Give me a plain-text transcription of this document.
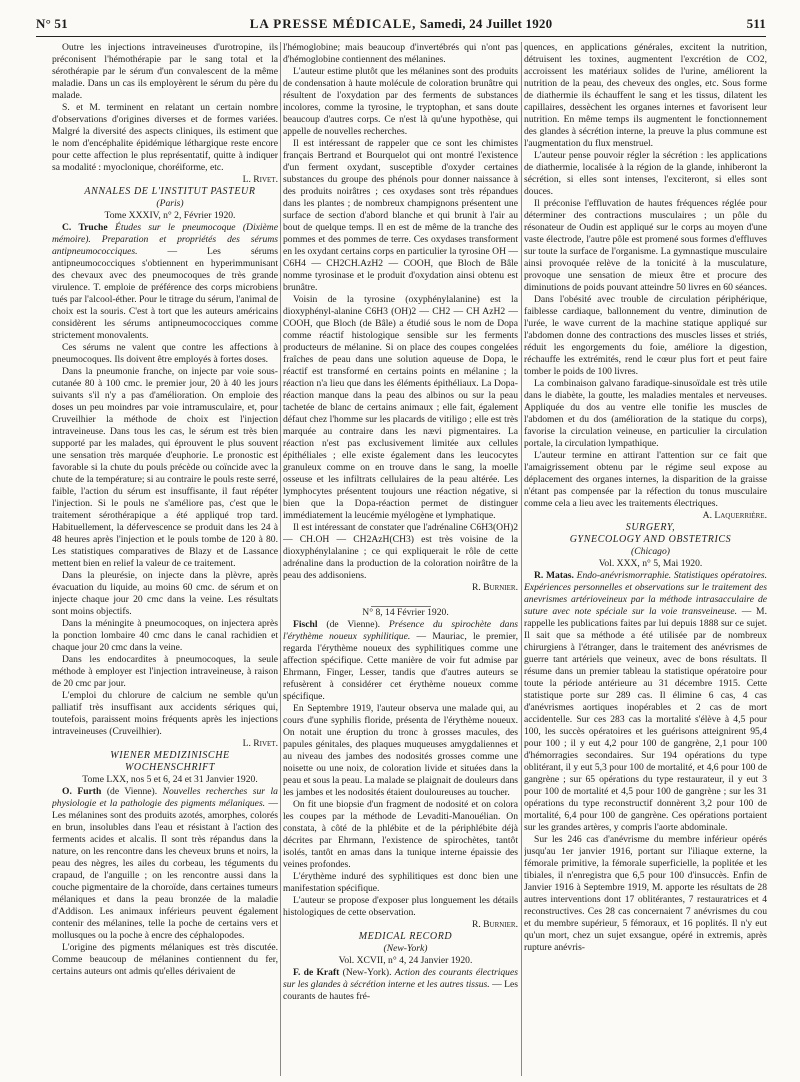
N° 51	LA PRESSE MÉDICALE, Samedi, 24 Juillet 1920	511

Outre les injections intraveineuses d'urotropine, ils préconisent l'hémothérapie par le sang total et la sérothérapie par le sérum d'un convalescent de la même maladie. Dans un cas ils employèrent le sérum du père du malade.

S. et M. terminent en relatant un certain nombre d'observations d'origines diverses et de formes variées. Malgré la diversité des aspects cliniques, ils estiment que le nom d'encéphalite épidémique léthargique reste encore pour cette affection le plus représentatif, quitte à indiquer sa modalité : myoclonique, choréiforme, etc.

L. Rivet.

ANNALES DE L'INSTITUT PASTEUR

(Paris)

Tome XXXIV, n° 2, Février 1920.

C. Truche Études sur le pneumocoque (Dixième mémoire). Preparation et propriétés des sérums antipneumococciques.	— Les sérums antipneumococciques s'obtiennent en hyperimmunisant des chevaux avec des pneumocoques de très grande virulence. T. emploie de préférence des corps microbiens tués par l'alcool-éther. Pour le titrage du sérum, l'animal de choix est la souris. C'est à tort que les auteurs américains considèrent les sérums antipneumococciques comme strictement monovalents.

Ces sérums ne valent que contre les affections à pneumocoques. Ils doivent être employés à fortes doses.

Dans la pneumonie franche, on injecte par voie sous-cutanée 80 à 100 cmc. le premier jour, 20 à 40 les jours suivants s'il n'y a pas d'amélioration. On emploie des doses un peu moindres par voie intramusculaire, et, pour Cruveilhier la méthode de choix est l'injection intraveineuse. Dans tous les cas, le sérum est très bien supporté par les malades, qui éprouvent le plus souvent une sensation très marquée d'euphorie. Le pronostic est favorable si la chute du pouls précède ou coïncide avec la chute de la température; si au contraire le pouls reste serré, faible, l'action du sérum est insuffisante, il faut répéter l'injection. Si le pouls ne s'améliore pas, c'est que le traitement sérothérapique a été appliqué trop tard. Habituellement, la défervescence se produit dans les 24 à 48 heures après l'injection et le pouls tombe de 120 à 80. Les statistiques comparatives de Blazy et de Lassance mettent bien en relief la valeur de ce traitement.

Dans la pleurésie, on injecte dans la plèvre, après évacuation du liquide, au moins 60 cmc. de sérum et on injecte chaque jour 20 cmc dans la veine. Les résultats sont moins objectifs.

Dans la méningite à pneumocoques, on injectera après la ponction lombaire 40 cmc dans le canal rachidien et chaque jour 20 cmc dans la veine.

Dans les endocardites à pneumocoques, la seule méthode à employer est l'injection intraveineuse, à raison de 20 cmc par jour.

L'emploi du chlorure de calcium ne semble qu'un palliatif très insuffisant aux accidents sériques qui, toutefois, paraissent moins fréquents après les injections intraveineuses (Cruveilhier).

L. Rivet.

WIENER MEDIZINISCHE

WOCHENSCHRIFT

Tome LXX, nos 5 et 6, 24 et 31 Janvier 1920.

O. Furth (de Vienne). Nouvelles recherches sur la physiologie et la pathologie des pigments mélaniques. — Les mélanines sont des produits azotés, amorphes, colorés en brun, insolubles dans l'eau et résistant à l'action des ferments acides et alcalis. Il sont très répandus dans la nature, on les rencontre dans les cheveux bruns et noirs, la peau des nègres, les ailes du corbeau, les téguments du crapaud, de l'anguille ; on les rencontre aussi dans la couche pigmentaire de la choroïde, dans certaines tumeurs mélaniques et dans la peau bronzée de la maladie d'Addison. Les animaux inférieurs peuvent également contenir des mélanines, telle la poche de certains vers et mollusques ou la poche à encre des céphalopodes.

L'origine des pigments mélaniques est très discutée. Comme beaucoup de mélanines contiennent du fer, certains auteurs ont admis qu'elles dérivaient de

l'hémoglobine; mais beaucoup d'invertébrés qui n'ont pas d'hémoglobine contiennent des mélanines.

L'auteur estime plutôt que les mélanines sont des produits de condensation à haute molécule de coloration brunâtre qui résultent de l'oxydation par des ferments de substances incolores, comme la tyrosine, le tryptophan, et sans doute beaucoup d'autres corps. Ce n'est là qu'une hypothèse, qui appelle de nouvelles recherches.

Il est intéressant de rappeler que ce sont les chimistes français Bertrand et Bourquelot qui ont montré l'existence d'un ferment oxydant, susceptible d'oxyder certaines substances du groupe des phénols pour donner naissance à des produits noirâtres ; ces oxydases sont très répandues dans les plantes ; de nombreux champignons présentent une surface de section d'abord blanche et qui brunit à l'air au bout de quelque temps. Il en est de même de la tranche des pommes et des pommes de terre. Ces oxydases transforment en les oxydant certains corps en particulier la tyrosine OH — C6H4 — CH2CH.AzH2 — COOH, que Bloch de Bâle nomme tyrosinase et le produit d'oxydation ainsi obtenu est brunâtre.

Voisin de la tyrosine (oxyphénylalanine) est la dioxyphényl-alanine C6H3 (OH)2 — CH2 — CH AzH2 — COOH, que Bloch (de Bâle) a étudié sous le nom de Dopa comme réactif histologique sensible sur les ferments producteurs de mélanine. Si on place des coupes congelées fraîches de peau dans une solution aqueuse de Dopa, le réactif est transformé en certains points en mélanine ; la réaction n'a lieu que dans les éléments épithéliaux. La Dopa-réaction manque dans la peau des albinos ou sur la peau tachetée de blanc de certains animaux ; elle fait, également défaut chez l'homme sur les placards de vitiligo ; elle est très marquée au contraire dans les nævi pigmentaires. La réaction n'est pas exclusivement limitée aux cellules épithéliales ; elle existe également dans les leucocytes granuleux comme on en trouve dans le sang, la moelle osseuse et les infiltrats cellulaires de la peau altérée. Les lymphocytes présentent toujours une réaction négative, si bien que la Dopa-réaction permet de distinguer immédiatement la leucémie myélogène et lymphatique.

Il est intéressant de constater que l'adrénaline C6H3(OH)2 — CH.OH — CH2AzH(CH3) est très voisine de la dioxyphénylalanine ; ce qui expliquerait le rôle de cette adrénaline dans la production de la coloration noirâtre de la peau des addisoniens.

R. Burnier.

N° 8, 14 Février 1920.

Fischl (de Vienne). Présence du spirochète dans l'érythème noueux syphilitique. — Mauriac, le premier, regarda l'érythème noueux des syphilitiques comme une affection spécifique. Cette manière de voir fut admise par Ehrmann, Finger, Lesser, tandis que d'autres auteurs se refusèrent à considérer cet érythème noueux comme spécifique.

En Septembre 1919, l'auteur observa une malade qui, au cours d'une syphilis floride, présenta de l'érythème noueux. On notait une éruption du tronc à grosses macules, des papules génitales, des plaques muqueuses amygdaliennes et au niveau des jambes des nodosités grosses comme une noisette ou une noix, de coloration livide et situées dans la peau et sous la peau. La malade se plaignait de douleurs dans les jambes et les nodosités étaient douloureuses au toucher.

On fit une biopsie d'un fragment de nodosité et on colora les coupes par la méthode de Levaditi-Manouélian. On constata, à côté de la phlébite et de la périphlébite déjà décrites par Ehrmann, l'existence de spirochètes, tantôt isolés, tantôt en amas dans la tunique interne épaissie des veines profondes.

L'érythème induré des syphilitiques est donc bien une manifestation spécifique.

L'auteur se propose d'exposer plus longuement les détails histologiques de cette observation.

R. Burnier.

MEDICAL RECORD

(New-York)

Vol. XCVII, n° 4, 24 Janvier 1920.

F. de Kraft (New-York). Action des courants électriques sur les glandes à sécrétion interne et les autres tissus. — Les courants de hautes fré-

quences, en applications générales, excitent la nutrition, détruisent les toxines, augmentent l'excrétion de CO2, accroissent les matériaux solides de l'urine, améliorent la nutrition de la peau, des cheveux des ongles, etc. Sous forme de diathermie ils échauffent le sang et les tissus, dilatent les capillaires, dessèchent les organes internes et favorisent leur nutrition. En même temps ils augmentent le fonctionnement des glandes à sécrétion interne, la preuve la plus commune est l'augmentation du flux menstruel.

L'auteur pense pouvoir régler la sécrétion : les applications de diathermie, localisée à la région de la glande, inhiberont la sécrétion, si elles sont intenses, l'exciteront, si elles sont douces.

Il préconise l'effluvation de hautes fréquences réglée pour déterminer des contractions musculaires ; un pôle du résonateur de Oudin est appliqué sur le corps au moyen d'une vaste électrode, l'autre pôle est promené sous formes d'effluves sur toute la surface de l'organisme. La gymnastique musculaire ainsi provoquée relève de la tonicité à la musculature, provoque une sensation de mieux être et procure des diminutions de poids pouvant atteindre 50 livres en 60 séances.

Dans l'obésité avec trouble de circulation périphérique, faiblesse cardiaque, ballonnement du ventre, diminution de l'urée, le wave current de la machine statique appliqué sur l'abdomen donne des contractions des muscles lisses et striés, réduit les engorgements du foie, améliore la digestion, réchauffe les extrémités, rend le cœur plus fort et peut faire tomber le poids de 100 livres.

La combinaison galvano faradique-sinusoïdale est très utile dans le diabète, la goutte, les maladies mentales et nerveuses. Appliquée du dos au ventre elle tonifie les muscles de l'abdomen et du dos (amélioration de la statique du corps), favorise la circulation veineuse, en particulier la circulation portale, la circulation lympathique.

L'auteur termine en attirant l'attention sur ce fait que l'amaigrissement obtenu par le régime seul expose au déplacement des organes internes, la disparition de la graisse n'étant pas compensée par la réfection du tonus musculaire comme cela a lieu avec les traitements électriques.

A. Laquerrière.

SURGERY,

GYNECOLOGY AND OBSTETRICS

(Chicago)

Vol. XXX, n° 5, Mai 1920.

R. Matas. Endo-anévrismorraphie. Statistiques opératoires. Expériences personnelles et observations sur le traitement des anevrismes artérioveineux par la méthode intrasacculaire de suture avec note spéciale sur la voie transveineuse. — M. rappelle les publications faites par lui depuis 1888 sur ce sujet. Il sait que sa méthode a été utilisée par de nombreux chirurgiens à l'étranger, dans le traitement des anévrismes de guerre tant artériels que veineux, avec de bons résultats. Il résume dans un premier tableau la statistique opératoire pour toute la période antérieure au 31 décembre 1915. Cette statistique porte sur 289 cas. Il élimine 6 cas, 4 cas d'anévrismes aortiques inopérables et 2 cas de mort accidentelle. Sur ces 283 cas la mortalité s'élève à 4,5 pour 100, les succès opératoires et les guérisons atteignirent 95,4 pour 100 ; il y eut 4,2 pour 100 de gangrène, 2,1 pour 100 d'hémorragies secondaires. Sur 194 opérations du type oblitérant, il y eut 5,3 pour 100 de mortalité, et 4,6 pour 100 de gangrène ; sur 65 opérations du type restaurateur, il y eut 3 pour 100 de mortalité et 4,5 pour 100 de gangrène ; sur les 31 opérations du type reconstructif donnèrent 3,2 pour 100 de mortalité, 6,4 pour 100 de gangrène. Ces opérations portaient sur les grandes artères, y compris l'aorte abdominale.

Sur les 246 cas d'anévrisme du membre inférieur opérés jusqu'au 1er janvier 1916, portant sur l'iliaque externe, la fémorale primitive, la fémorale superficielle, la poplitée et les tibiales, il n'enregistra que 6,5 pour 100 d'insuccès. Enfin de Janvier 1916 à Septembre 1919, M. apporte les résultats de 28 autres interventions dont 17 oblitérantes, 7 restauratrices et 4 reconstructives. Ces 28 cas concernaient 7 anévrismes du cou et du membre supérieur, 5 fémoraux, et 16 poplités. Il n'y eut qu'un mort, chez un sujet exsangue, opéré in extremis, après rupture anévris-
